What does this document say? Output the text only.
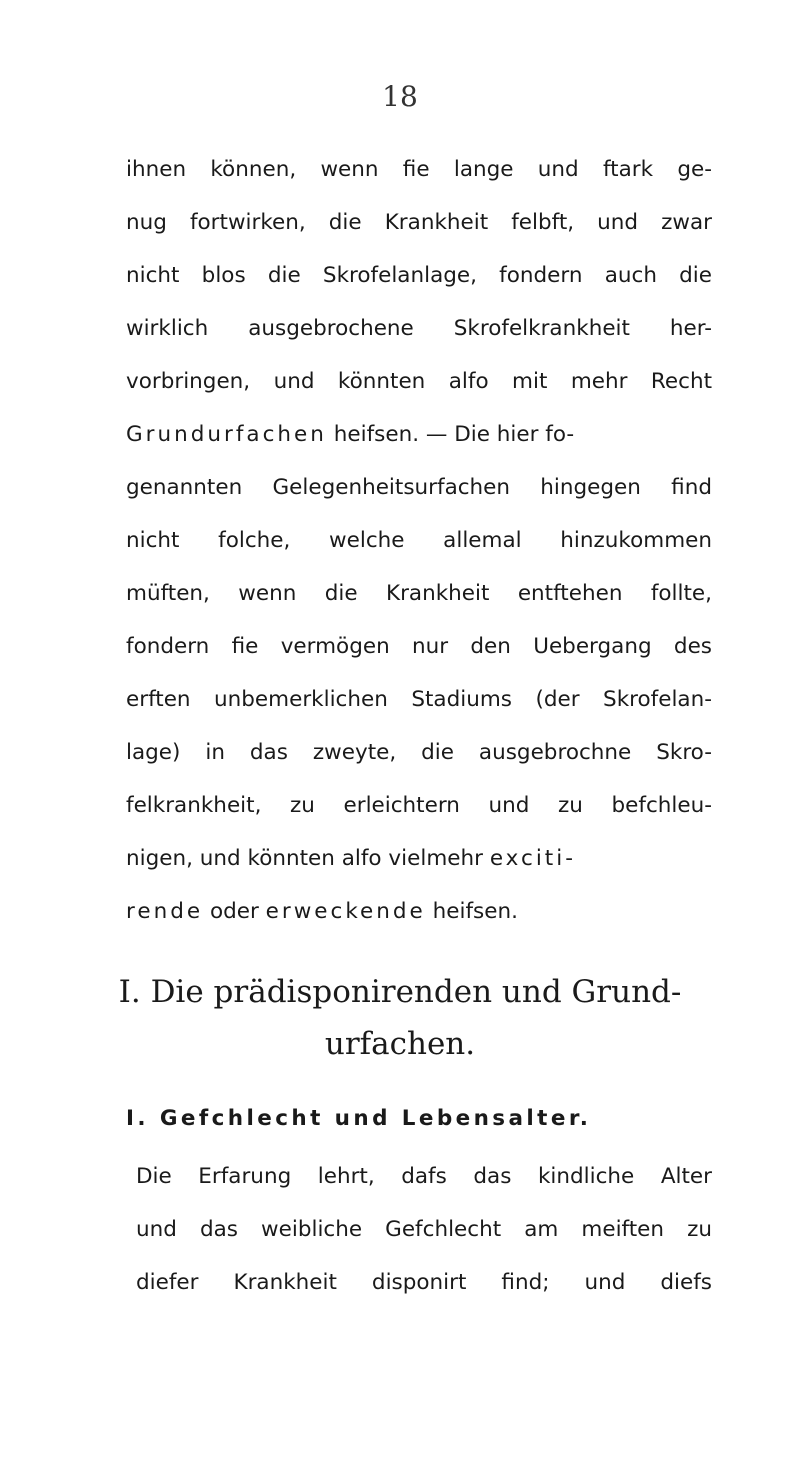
18
ihnen können, wenn fie lange und ftark ge-
nug fortwirken, die Krankheit felbft, und zwar
nicht blos die Skrofelanlage, fondern auch die
wirklich ausgebrochene Skrofelkrankheit her-
vorbringen, und könnten alfo mit mehr Recht
Grundurfachen heifsen. — Die hier fo-
genannten Gelegenheitsurfachen hingegen find
nicht folche, welche allemal hinzukommen
müften, wenn die Krankheit entftehen follte,
fondern fie vermögen nur den Uebergang des
erften unbemerklichen Stadiums (der Skrofelan-
lage) in das zweyte, die ausgebrochne Skro-
felkrankheit, zu erleichtern und zu befchleu-
nigen, und könnten alfo vielmehr exciti-
rende oder erweckende heifsen.
I. Die prädisponirenden und Grund-
urfachen.
I. Gefchlecht und Lebensalter.
Die Erfarung lehrt, dafs das kindliche Alter
und das weibliche Gefchlecht am meiften zu
diefer Krankheit disponirt find; und diefs
